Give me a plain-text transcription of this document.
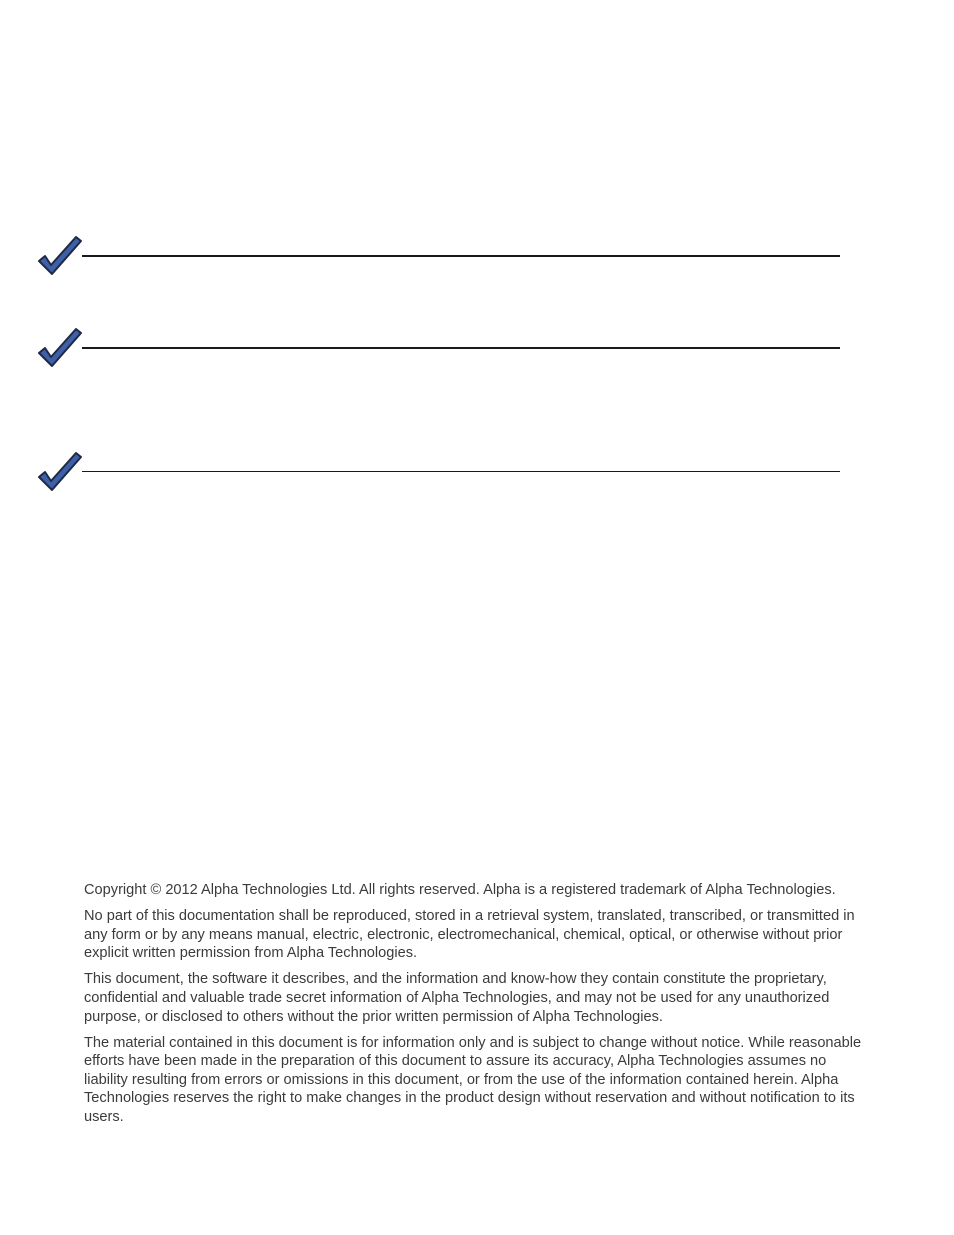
Copyright © 2012 Alpha Technologies Ltd. All rights reserved. Alpha is a registered trademark of Alpha Technologies.

No part of this documentation shall be reproduced, stored in a retrieval system, translated, transcribed, or transmitted in any form or by any means manual, electric, electronic, electromechanical, chemical, optical, or otherwise without prior explicit written permission from Alpha Technologies.

This document, the software it describes, and the information and know-how they contain constitute the proprietary, confidential and valuable trade secret information of Alpha Technologies, and may not be used for any unauthorized purpose, or disclosed to others without the prior written permission of Alpha Technologies.

The material contained in this document is for information only and is subject to change without notice. While reasonable efforts have been made in the preparation of this document to assure its accuracy, Alpha Technologies assumes no liability resulting from errors or omissions in this document, or from the use of the information contained herein. Alpha Technologies reserves the right to make changes in the product design without reservation and without notification to its users.
